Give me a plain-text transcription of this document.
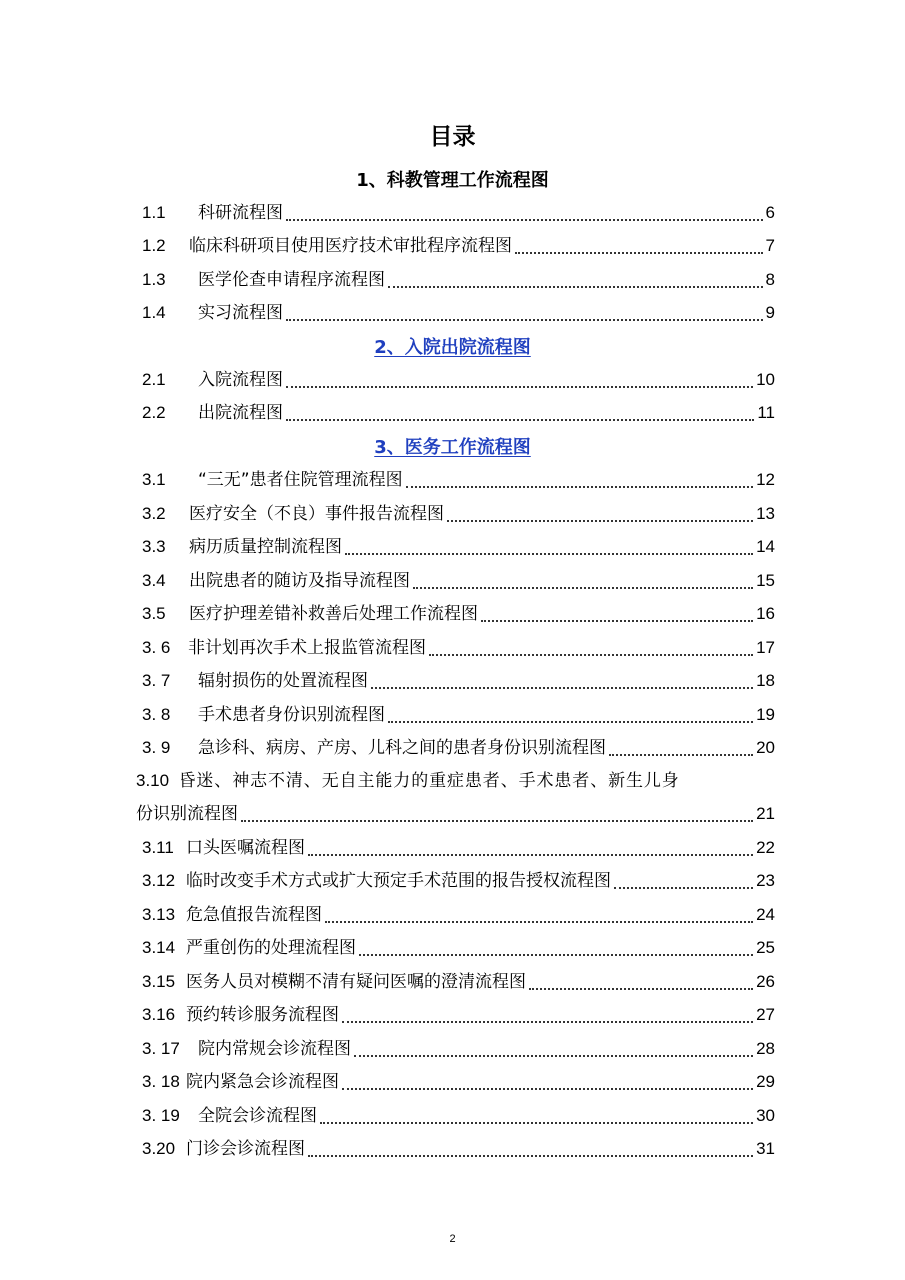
目录
1、科教管理工作流程图
1.1	科研流程图	6
1.2	临床科研项目使用医疗技术审批程序流程图	7
1.3	医学伦查申请程序流程图	8
1.4	实习流程图	9
2、入院出院流程图
2.1	入院流程图	10
2.2	出院流程图	11
3、医务工作流程图
3.1	“三无”患者住院管理流程图	12
3.2	医疗安全（不良）事件报告流程图	13
3.3	病历质量控制流程图	14
3.4	出院患者的随访及指导流程图	15
3.5	医疗护理差错补救善后处理工作流程图	16
3. 6	非计划再次手术上报监管流程图	17
3. 7	辐射损伤的处置流程图	18
3. 8	手术患者身份识别流程图	19
3. 9	急诊科、病房、产房、儿科之间的患者身份识别流程图	20
3.10 昏迷、神志不清、无自主能力的重症患者、手术患者、新生儿身
份识别流程图	21
3.11 口头医嘱流程图	22
3.12 临时改变手术方式或扩大预定手术范围的报告授权流程图	23
3.13 危急值报告流程图	24
3.14 严重创伤的处理流程图	25
3.15 医务人员对模糊不清有疑问医嘱的澄清流程图	26
3.16 预约转诊服务流程图	27
3. 17	院内常规会诊流程图	28
3. 18 院内紧急会诊流程图	29
3. 19	全院会诊流程图	30
3.20 门诊会诊流程图	31
2
